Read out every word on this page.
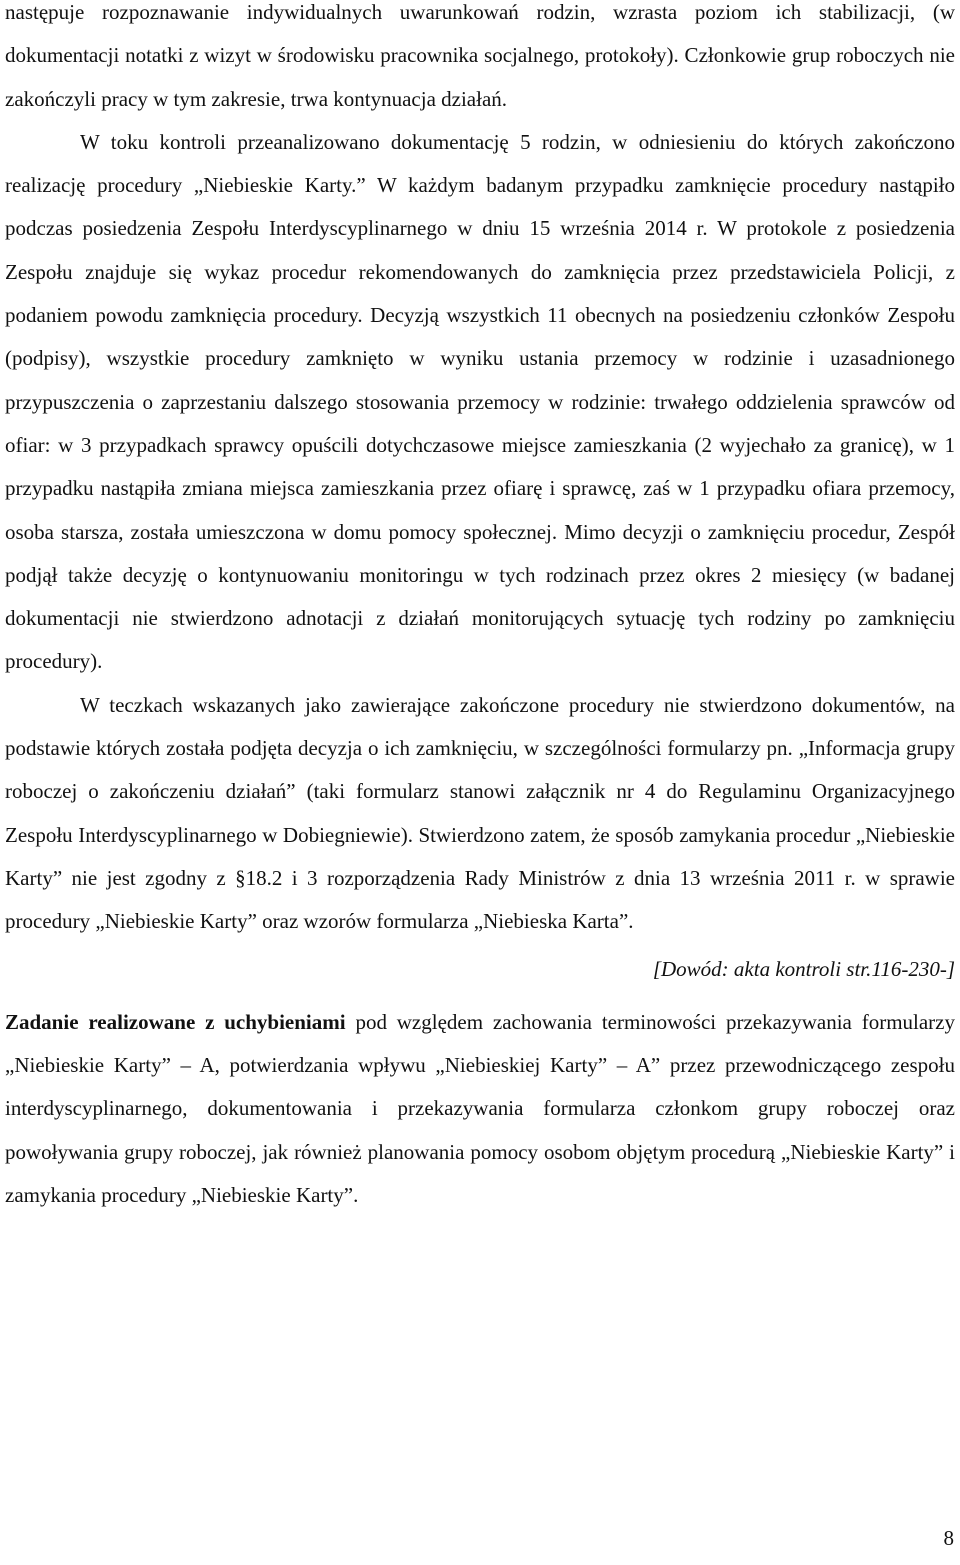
następuje rozpoznawanie indywidualnych uwarunkowań rodzin, wzrasta poziom ich stabilizacji, (w dokumentacji notatki z wizyt w środowisku pracownika socjalnego, protokoły). Członkowie grup roboczych nie zakończyli pracy w tym zakresie, trwa kontynuacja działań.

W toku kontroli przeanalizowano dokumentację 5 rodzin, w odniesieniu do których zakończono realizację procedury „Niebieskie Karty.” W każdym badanym przypadku zamknięcie procedury nastąpiło podczas posiedzenia Zespołu Interdyscyplinarnego w dniu 15 września 2014 r. W protokole z posiedzenia Zespołu znajduje się wykaz procedur rekomendowanych do zamknięcia przez przedstawiciela Policji, z podaniem powodu zamknięcia procedury. Decyzją wszystkich 11 obecnych na posiedzeniu członków Zespołu (podpisy), wszystkie procedury zamknięto w wyniku ustania przemocy w rodzinie i uzasadnionego przypuszczenia o zaprzestaniu dalszego stosowania przemocy w rodzinie: trwałego oddzielenia sprawców od ofiar: w 3 przypadkach sprawcy opuścili dotychczasowe miejsce zamieszkania (2 wyjechało za granicę), w 1 przypadku nastąpiła zmiana miejsca zamieszkania przez ofiarę i sprawcę, zaś w 1 przypadku ofiara przemocy, osoba starsza, została umieszczona w domu pomocy społecznej. Mimo decyzji o zamknięciu procedur, Zespół podjął także decyzję o kontynuowaniu monitoringu w tych rodzinach przez okres 2 miesięcy (w badanej dokumentacji nie stwierdzono adnotacji z działań monitorujących sytuację tych rodziny po zamknięciu procedury).

W teczkach wskazanych jako zawierające zakończone procedury nie stwierdzono dokumentów, na podstawie których została podjęta decyzja o ich zamknięciu, w szczególności formularzy pn. „Informacja grupy roboczej o zakończeniu działań” (taki formularz stanowi załącznik nr 4 do Regulaminu Organizacyjnego Zespołu Interdyscyplinarnego w Dobiegniewie). Stwierdzono zatem, że sposób zamykania procedur „Niebieskie Karty” nie jest zgodny z §18.2 i 3 rozporządzenia Rady Ministrów z dnia 13 września 2011 r. w sprawie procedury „Niebieskie Karty” oraz wzorów formularza „Niebieska Karta”.

[Dowód: akta kontroli str.116-230-]

Zadanie realizowane z uchybieniami pod względem zachowania terminowości przekazywania formularzy „Niebieskie Karty” – A, potwierdzania wpływu „Niebieskiej Karty” – A” przez przewodniczącego zespołu interdyscyplinarnego, dokumentowania i przekazywania formularza członkom grupy roboczej oraz powoływania grupy roboczej, jak również planowania pomocy osobom objętym procedurą „Niebieskie Karty” i zamykania procedury „Niebieskie Karty”.

8
